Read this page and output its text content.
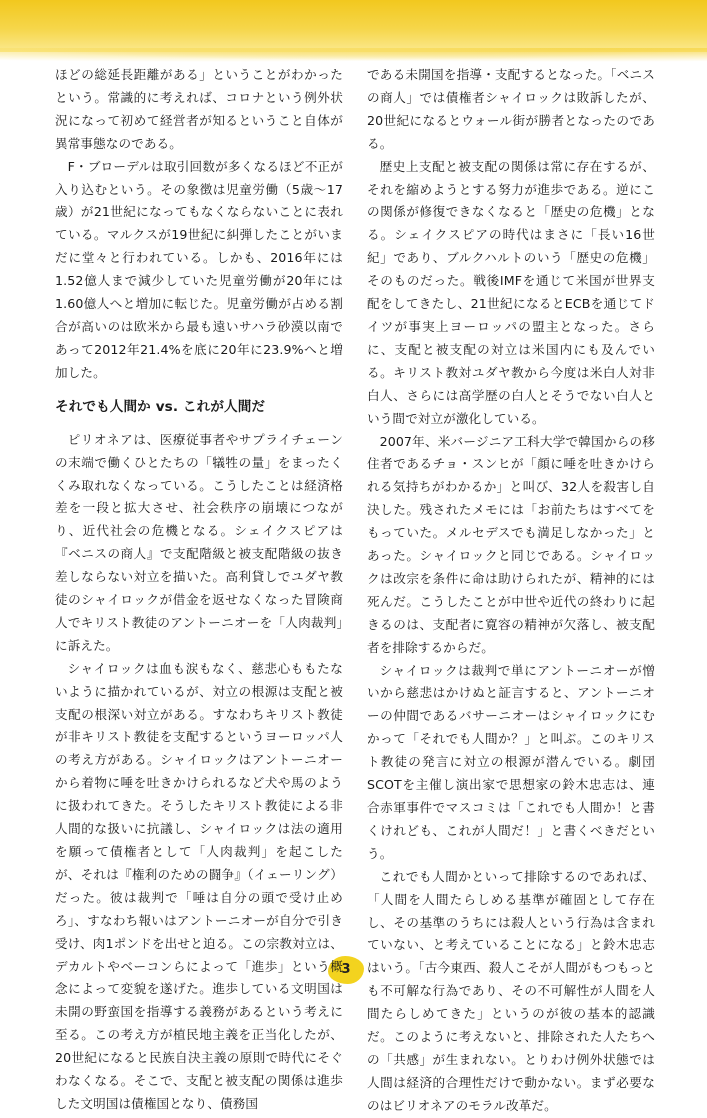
ほどの総延長距離がある」ということがわかったという。常識的に考えれば、コロナという例外状況になって初めて経営者が知るということ自体が異常事態なのである。

F・ブローデルは取引回数が多くなるほど不正が入り込むという。その象徴は児童労働（5歳〜17歳）が21世紀になってもなくならないことに表れている。マルクスが19世紀に糾弾したことがいまだに堂々と行われている。しかも、2016年には1.52億人まで減少していた児童労働が20年には1.60億人へと増加に転じた。児童労働が占める割合が高いのは欧米から最も遠いサハラ砂漠以南であって2012年21.4%を底に20年に23.9%へと増加した。

それでも人間か vs. これが人間だ

ピリオネアは、医療従事者やサプライチェーンの末端で働くひとたちの「犠牲の量」をまったくくみ取れなくなっている。こうしたことは経済格差を一段と拡大させ、社会秩序の崩壊につながり、近代社会の危機となる。シェイクスピアは『ベニスの商人』で支配階級と被支配階級の抜き差しならない対立を描いた。高利貸しでユダヤ教徒のシャイロックが借金を返せなくなった冒険商人でキリスト教徒のアントーニオーを「人肉裁判」に訴えた。

シャイロックは血も涙もなく、慈悲心ももたないように描かれているが、対立の根源は支配と被支配の根深い対立がある。すなわちキリスト教徒が非キリスト教徒を支配するというヨーロッパ人の考え方がある。シャイロックはアントーニオーから着物に唾を吐きかけられるなど犬や馬のように扱われてきた。そうしたキリスト教徒による非人間的な扱いに抗議し、シャイロックは法の適用を願って債権者として「人肉裁判」を起こしたが、それは『権利のための闘争』（イェーリング）だった。彼は裁判で「唾は自分の頭で受け止めろ」、すなわち報いはアントーニオーが自分で引き受け、肉1ポンドを出せと迫る。この宗教対立は、デカルトやベーコンらによって「進歩」という概念によって変貌を遂げた。進歩している文明国は未開の野蛮国を指導する義務があるという考えに至る。この考え方が植民地主義を正当化したが、20世紀になると民族自決主義の原則で時代にそぐわなくなる。そこで、支配と被支配の関係は進歩した文明国は債権国となり、債務国

である未開国を指導・支配するとなった。「ベニスの商人」では債権者シャイロックは敗訴したが、20世紀になるとウォール街が勝者となったのである。

歴史上支配と被支配の関係は常に存在するが、それを縮めようとする努力が進歩である。逆にこの関係が修復できなくなると「歴史の危機」となる。シェイクスピアの時代はまさに「長い16世紀」であり、ブルクハルトのいう「歴史の危機」そのものだった。戦後IMFを通じて米国が世界支配をしてきたし、21世紀になるとECBを通じてドイツが事実上ヨーロッパの盟主となった。さらに、支配と被支配の対立は米国内にも及んでいる。キリスト教対ユダヤ教から今度は米白人対非白人、さらには高学歴の白人とそうでない白人という間で対立が激化している。

2007年、米バージニア工科大学で韓国からの移住者であるチョ・スンヒが「顔に唾を吐きかけられる気持ちがわかるか」と叫び、32人を殺害し自決した。残されたメモには「お前たちはすべてをもっていた。メルセデスでも満足しなかった」とあった。シャイロックと同じである。シャイロックは改宗を条件に命は助けられたが、精神的には死んだ。こうしたことが中世や近代の終わりに起きるのは、支配者に寛容の精神が欠落し、被支配者を排除するからだ。

シャイロックは裁判で単にアントーニオーが憎いから慈悲はかけぬと証言すると、アントーニオーの仲間であるバサーニオーはシャイロックにむかって「それでも人間か？」と叫ぶ。このキリスト教徒の発言に対立の根源が潜んでいる。劇団SCOTを主催し演出家で思想家の鈴木忠志は、連合赤軍事件でマスコミは「これでも人間か！と書くけれども、これが人間だ！」と書くべきだという。

これでも人間かといって排除するのであれば、「人間を人間たらしめる基準が確固として存在し、その基準のうちには殺人という行為は含まれていない、と考えていることになる」と鈴木忠志はいう。「古今東西、殺人こそが人間がもつもっとも不可解な行為であり、その不可解性が人間を人間たらしめてきた」というのが彼の基本的認識だ。このように考えないと、排除された人たちへの「共感」が生まれない。とりわけ例外状態では人間は経済的合理性だけで動かない。まず必要なのはビリオネアのモラル改革だ。

3
